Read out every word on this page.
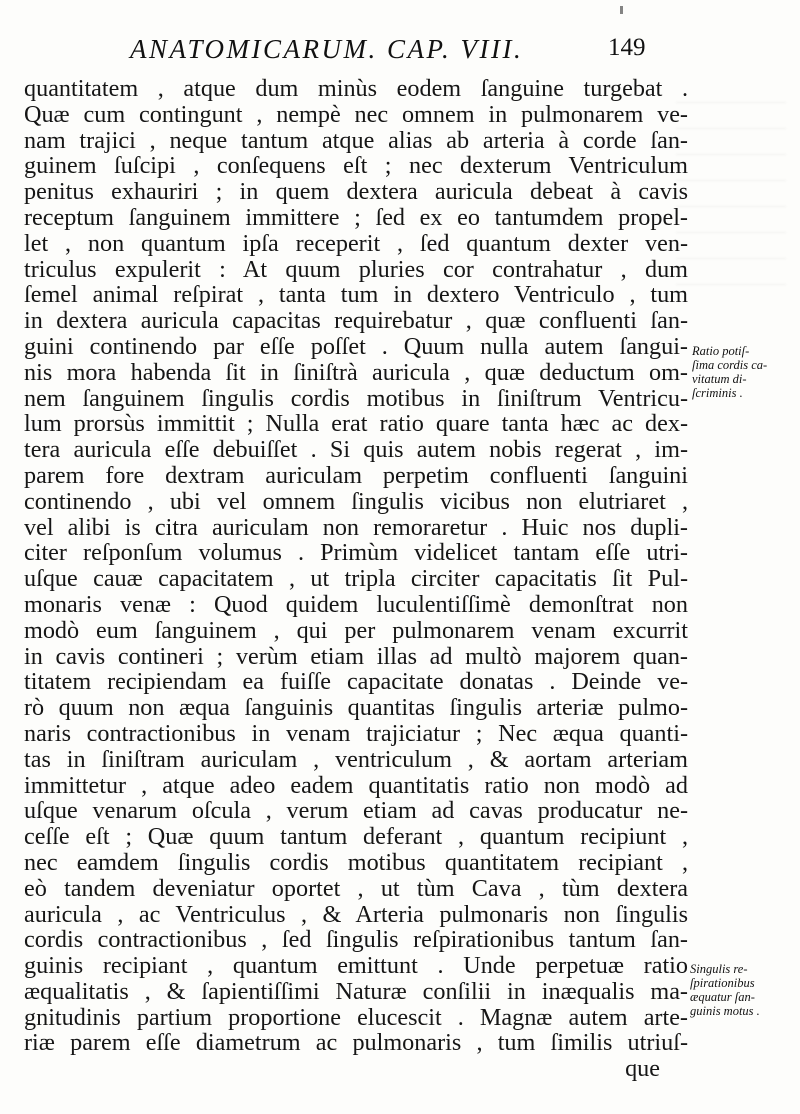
ANATOMICARUM. CAP. VIII.	149
quantitatem , atque dum minùs eodem ſanguine turgebat .
Quæ cum contingunt , nempè nec omnem in pulmonarem ve-
nam trajici , neque tantum atque alias ab arteria à corde ſan-
guinem ſuſcipi , conſequens eſt ; nec dexterum Ventriculum
penitus exhauriri ; in quem dextera auricula debeat à cavis
receptum ſanguinem immittere ; ſed ex eo tantumdem propel-
let , non quantum ipſa receperit , ſed quantum dexter ven-
triculus expulerit : At quum pluries cor contrahatur , dum
ſemel animal reſpirat , tanta tum in dextero Ventriculo , tum
in dextera auricula capacitas requirebatur , quæ confluenti ſan-
guini continendo par eſſe poſſet . Quum nulla autem ſangui-
nis mora habenda ſit in ſiniſtrà auricula , quæ deductum om-
nem ſanguinem ſingulis cordis motibus in ſiniſtrum Ventricu-
lum prorsùs immittit ; Nulla erat ratio quare tanta hæc ac dex-
tera auricula eſſe debuiſſet . Si quis autem nobis regerat , im-
parem fore dextram auriculam perpetim confluenti ſanguini
continendo , ubi vel omnem ſingulis vicibus non elutriaret ,
vel alibi is citra auriculam non remoraretur . Huic nos dupli-
citer reſponſum volumus . Primùm videlicet tantam eſſe utri-
uſque cauæ capacitatem , ut tripla circiter capacitatis ſit Pul-
monaris venæ : Quod quidem luculentiſſimè demonſtrat non
modò eum ſanguinem , qui per pulmonarem venam excurrit
in cavis contineri ; verùm etiam illas ad multò majorem quan-
titatem recipiendam ea fuiſſe capacitate donatas . Deinde ve-
rò quum non æqua ſanguinis quantitas ſingulis arteriæ pulmo-
naris contractionibus in venam trajiciatur ; Nec æqua quanti-
tas in ſiniſtram auriculam , ventriculum , & aortam arteriam
immittetur , atque adeo eadem quantitatis ratio non modò ad
uſque venarum oſcula , verum etiam ad cavas producatur ne-
ceſſe eſt ; Quæ quum tantum deferant , quantum recipiunt ,
nec eamdem ſingulis cordis motibus quantitatem recipiant ,
eò tandem deveniatur oportet , ut tùm Cava , tùm dextera
auricula , ac Ventriculus , & Arteria pulmonaris non ſingulis
cordis contractionibus , ſed ſingulis reſpirationibus tantum ſan-
guinis recipiant , quantum emittunt . Unde perpetuæ ratio
æqualitatis , & ſapientiſſimi Naturæ conſilii in inæqualis ma-
gnitudinis partium proportione elucescit . Magnæ autem arte-
riæ parem eſſe diametrum ac pulmonaris , tum ſimilis utriuſ-
que
Ratio potiſ-
ſima cordis ca-
vitatum di-
ſcriminis .
Singulis re-
ſpirationibus
æquatur ſan-
guinis motus .
